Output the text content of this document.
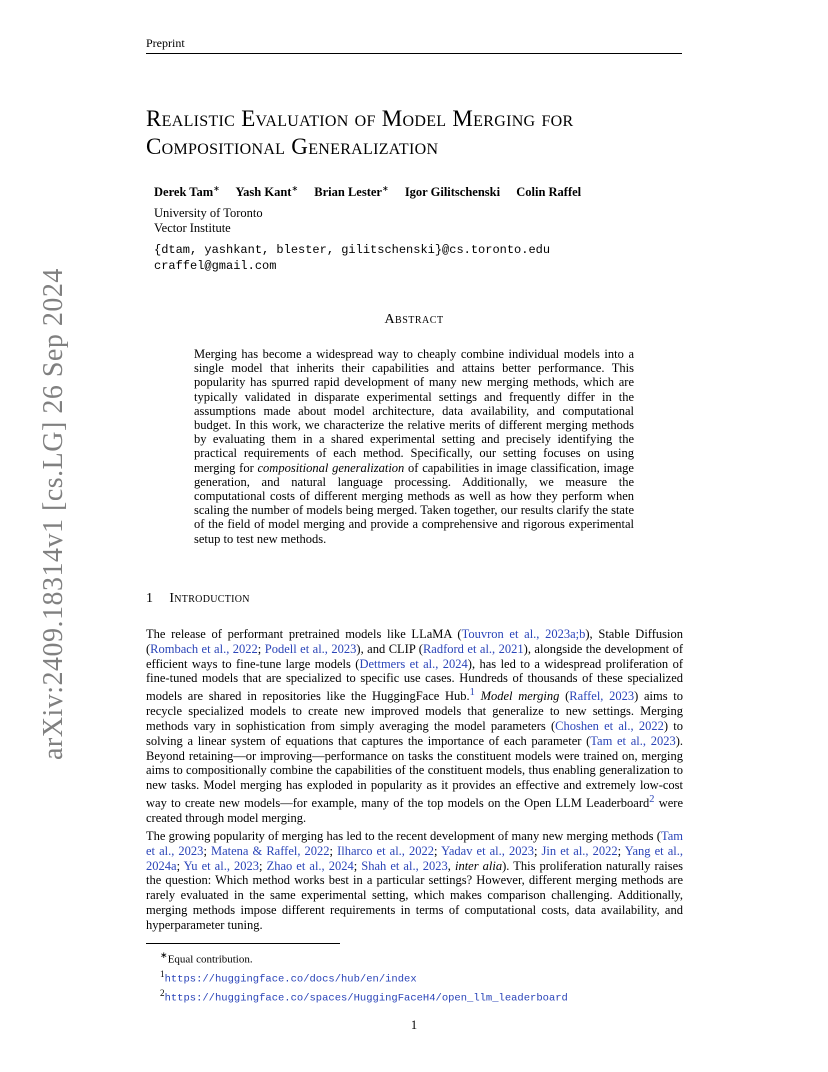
Preprint
Realistic Evaluation of Model Merging for
Compositional Generalization
Derek Tam∗ Yash Kant∗ Brian Lester∗ Igor Gilitschenski Colin Raffel
University of Toronto
Vector Institute
{dtam, yashkant, blester, gilitschenski}@cs.toronto.edu
craffel@gmail.com
Abstract
Merging has become a widespread way to cheaply combine individual models into a single model that inherits their capabilities and attains better performance. This popularity has spurred rapid development of many new merging methods, which are typically validated in disparate experimental settings and frequently differ in the assumptions made about model architecture, data availability, and computational budget. In this work, we characterize the relative merits of different merging methods by evaluating them in a shared experimental setting and precisely identifying the practical requirements of each method. Specifically, our setting focuses on using merging for compositional generalization of capabilities in image classification, image generation, and natural language processing. Additionally, we measure the computational costs of different merging methods as well as how they perform when scaling the number of models being merged. Taken together, our results clarify the state of the field of model merging and provide a comprehensive and rigorous experimental setup to test new methods.
1 Introduction
The release of performant pretrained models like LLaMA (Touvron et al., 2023a;b), Stable Diffusion (Rombach et al., 2022; Podell et al., 2023), and CLIP (Radford et al., 2021), alongside the development of efficient ways to fine-tune large models (Dettmers et al., 2024), has led to a widespread proliferation of fine-tuned models that are specialized to specific use cases. Hundreds of thousands of these specialized models are shared in repositories like the HuggingFace Hub.$^1$ Model merging (Raffel, 2023) aims to recycle specialized models to create new improved models that generalize to new settings. Merging methods vary in sophistication from simply averaging the model parameters (Choshen et al., 2022) to solving a linear system of equations that captures the importance of each parameter (Tam et al., 2023). Beyond retaining—or improving—performance on tasks the constituent models were trained on, merging aims to compositionally combine the capabilities of the constituent models, thus enabling generalization to new tasks. Model merging has exploded in popularity as it provides an effective and extremely low-cost way to create new models—for example, many of the top models on the Open LLM Leaderboard$^2$ were created through model merging.
The growing popularity of merging has led to the recent development of many new merging methods (Tam et al., 2023; Matena & Raffel, 2022; Ilharco et al., 2022; Yadav et al., 2023; Jin et al., 2022; Yang et al., 2024a; Yu et al., 2023; Zhao et al., 2024; Shah et al., 2023, inter alia). This proliferation naturally raises the question: Which method works best in a particular settings? However, different merging methods are rarely evaluated in the same experimental setting, which makes comparison challenging. Additionally, merging methods impose different requirements in terms of computational costs, data availability, and hyperparameter tuning.
∗Equal contribution.
$^1$https://huggingface.co/docs/hub/en/index
$^2$https://huggingface.co/spaces/HuggingFaceH4/open_llm_leaderboard
1
arXiv:2409.18314v1 [cs.LG] 26 Sep 2024
